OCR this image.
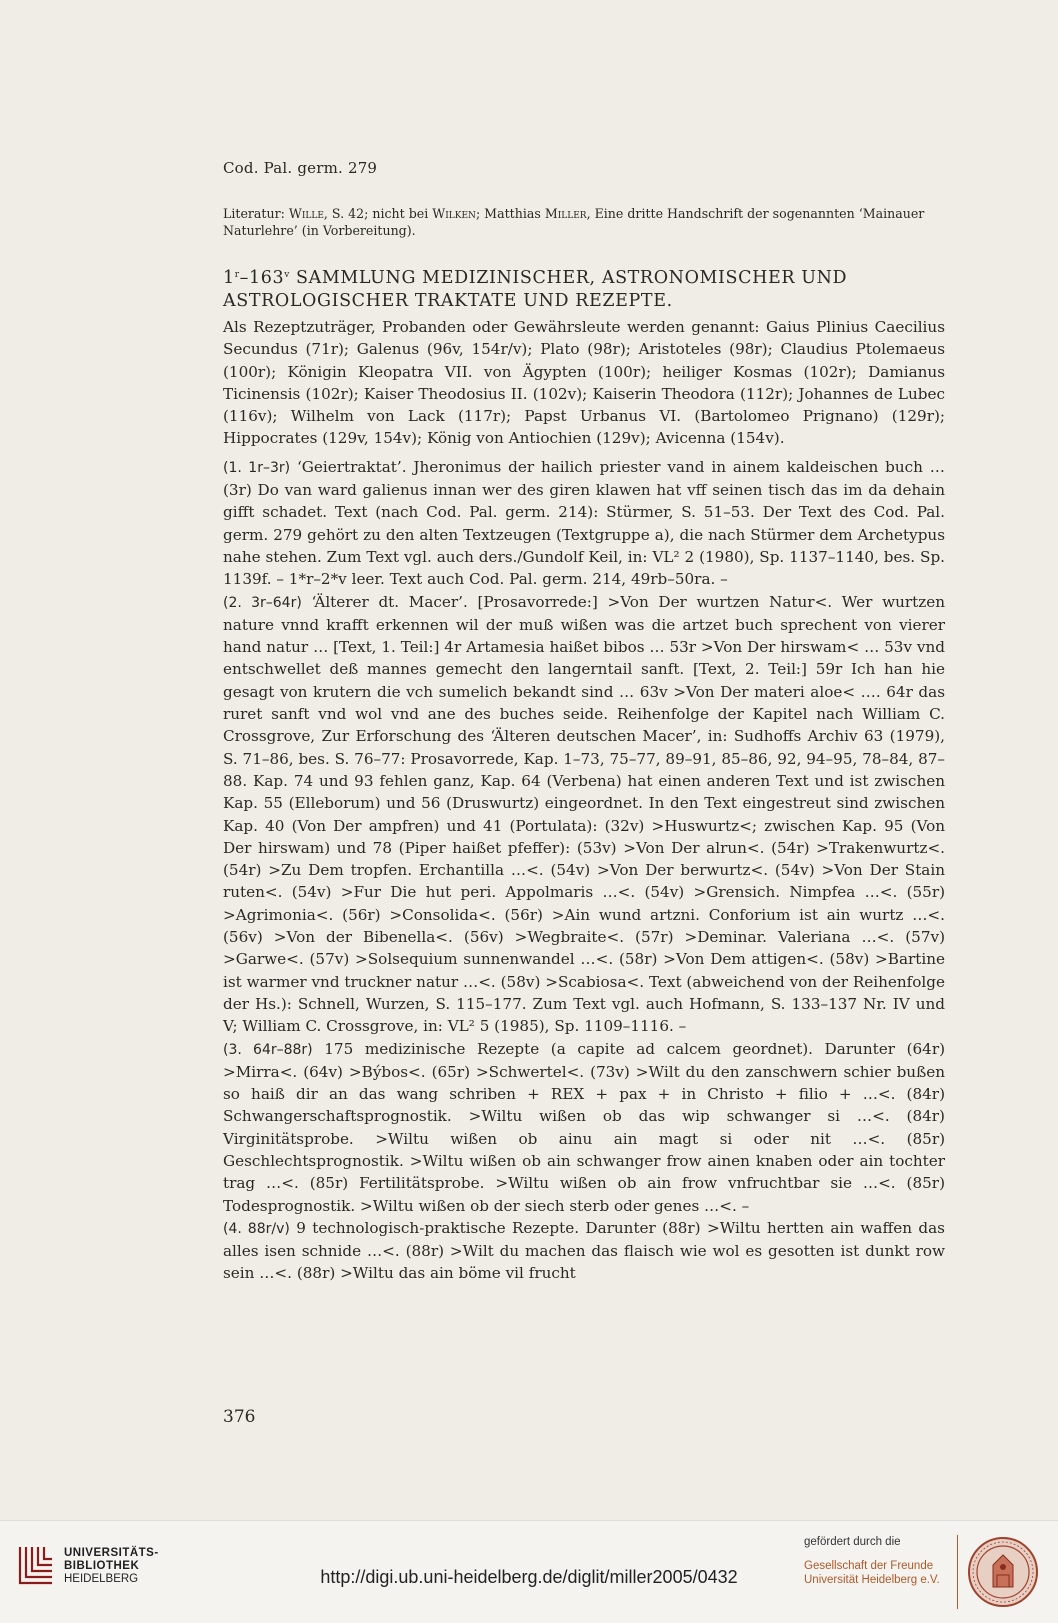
Cod. Pal. germ. 279
Literatur: Wille, S. 42; nicht bei Wilken; Matthias Miller, Eine dritte Handschrift der sogenannten ‘Mainauer Naturlehre’ (in Vorbereitung).
1$^r$–163$^v$ SAMMLUNG MEDIZINISCHER, ASTRONOMISCHER UND ASTROLOGISCHER TRAKTATE UND REZEPTE.

Als Rezeptzuträger, Probanden oder Gewährsleute werden genannt: Gaius Plinius Caecilius Secundus (71r); Galenus (96v, 154r/v); Plato (98r); Aristoteles (98r); Claudius Ptolemaeus (100r); Königin Kleopatra VII. von Ägypten (100r); heiliger Kosmas (102r); Damianus Ticinensis (102r); Kaiser Theodosius II. (102v); Kaiserin Theodora (112r); Johannes de Lubec (116v); Wilhelm von Lack (117r); Papst Urbanus VI. (Bartolomeo Prignano) (129r); Hippocrates (129v, 154v); König von Antiochien (129v); Avicenna (154v).

(1. 1r–3r) ‘Geiertraktat’. Jheronimus der hailich priester vand in ainem kaldeischen buch … (3r) Do van ward galienus innan wer des giren klawen hat vff seinen tisch das im da dehain gifft schadet. Text (nach Cod. Pal. germ. 214): Stürmer, S. 51–53. Der Text des Cod. Pal. germ. 279 gehört zu den alten Textzeugen (Textgruppe a), die nach Stürmer dem Archetypus nahe stehen. Zum Text vgl. auch ders./Gundolf Keil, in: VL² 2 (1980), Sp. 1137–1140, bes. Sp. 1139f. – 1*r–2*v leer. Text auch Cod. Pal. germ. 214, 49rb–50ra. –

(2. 3r–64r) ‘Älterer dt. Macer’. [Prosavorrede:] >Von Der wurtzen Natur<. Wer wurtzen nature vnnd krafft erkennen wil der muß wißen was die artzet buch sprechent von vierer hand natur … [Text, 1. Teil:] 4r Artamesia haißet bibos … 53r >Von Der hirswam< … 53v vnd entschwellet deß mannes gemecht den langerntail sanft. [Text, 2. Teil:] 59r Ich han hie gesagt von krutern die vch sumelich bekandt sind … 63v >Von Der materi aloe< …. 64r das ruret sanft vnd wol vnd ane des buches seide. Reihenfolge der Kapitel nach William C. Crossgrove, Zur Erforschung des ‘Älteren deutschen Macer’, in: Sudhoffs Archiv 63 (1979), S. 71–86, bes. S. 76–77: Prosavorrede, Kap. 1–73, 75–77, 89–91, 85–86, 92, 94–95, 78–84, 87–88. Kap. 74 und 93 fehlen ganz, Kap. 64 (Verbena) hat einen anderen Text und ist zwischen Kap. 55 (Elleborum) und 56 (Druswurtz) eingeordnet. In den Text eingestreut sind zwischen Kap. 40 (Von Der ampfren) und 41 (Portulata): (32v) >Huswurtz<; zwischen Kap. 95 (Von Der hirswam) und 78 (Piper haißet pfeffer): (53v) >Von Der alrun<. (54r) >Trakenwurtz<. (54r) >Zu Dem tropfen. Erchantilla …<. (54v) >Von Der berwurtz<. (54v) >Von Der Stain ruten<. (54v) >Fur Die hut peri. Appolmaris …<. (54v) >Grensich. Nimpfea …<. (55r) >Agrimonia<. (56r) >Consolida<. (56r) >Ain wund artzni. Conforium ist ain wurtz …<. (56v) >Von der Bibenella<. (56v) >Wegbraite<. (57r) >Deminar. Valeriana …<. (57v) >Garwe<. (57v) >Solsequium sunnenwandel …<. (58r) >Von Dem attigen<. (58v) >Bartine ist warmer vnd truckner natur …<. (58v) >Scabiosa<. Text (abweichend von der Reihenfolge der Hs.): Schnell, Wurzen, S. 115–177. Zum Text vgl. auch Hofmann, S. 133–137 Nr. IV und V; William C. Crossgrove, in: VL² 5 (1985), Sp. 1109–1116. –

(3. 64r–88r) 175 medizinische Rezepte (a capite ad calcem geordnet). Darunter (64r) >Mirra<. (64v) >Býbos<. (65r) >Schwertel<. (73v) >Wilt du den zanschwern schier bußen so haiß dir an das wang schriben + REX + pax + in Christo + filio + …<. (84r) Schwangerschaftsprognostik. >Wiltu wißen ob das wip schwanger si …<. (84r) Virginitätsprobe. >Wiltu wißen ob ainu ain magt si oder nit …<. (85r) Geschlechtsprognostik. >Wiltu wißen ob ain schwanger frow ainen knaben oder ain tochter trag …<. (85r) Fertilitätsprobe. >Wiltu wißen ob ain frow vnfruchtbar sie …<. (85r) Todesprognostik. >Wiltu wißen ob der siech sterb oder genes …<. –

(4. 88r/v) 9 technologisch-praktische Rezepte. Darunter (88r) >Wiltu hertten ain waffen das alles isen schnide …<. (88r) >Wilt du machen das flaisch wie wol es gesotten ist dunkt row sein …<. (88r) >Wiltu das ain böme vil frucht

376
UNIVERSITÄTS-
BIBLIOTHEK
HEIDELBERG	http://digi.ub.uni-heidelberg.de/diglit/miller2005/0432
gefördert durch die
Gesellschaft der Freunde
Universität Heidelberg e.V.
